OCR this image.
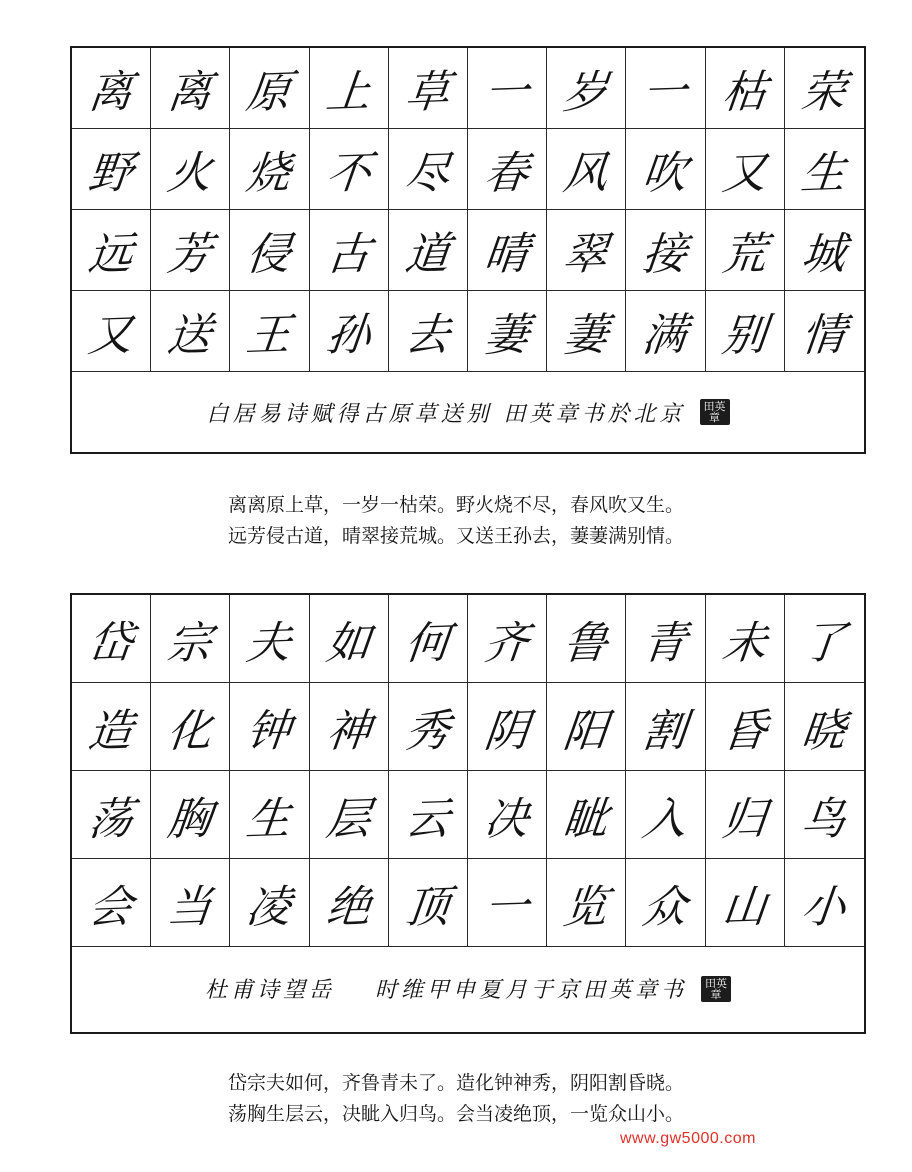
离 离 原 上 草 一 岁 一 枯 荣
野 火 烧 不 尽 春 风 吹 又 生
远 芳 侵 古 道 晴 翠 接 荒 城
又 送 王 孙 去 萋 萋 满 别 情
白居易诗赋得古原草送别 田英章书於北京	田英章
离离原上草，一岁一枯荣。野火烧不尽，春风吹又生。
远芳侵古道，晴翠接荒城。又送王孙去，萋萋满别情。
岱 宗 夫 如 何 齐 鲁 青 未 了
造 化 钟 神 秀 阴 阳 割 昏 晓
荡 胸 生 层 云 决 眦 入 归 鸟
会 当 凌 绝 顶 一 览 众 山 小
杜甫诗望岳 时维甲申夏月于京田英章书	田英章
岱宗夫如何，齐鲁青未了。造化钟神秀，阴阳割昏晓。
荡胸生层云，决眦入归鸟。会当凌绝顶，一览众山小。
www.gw5000.com
